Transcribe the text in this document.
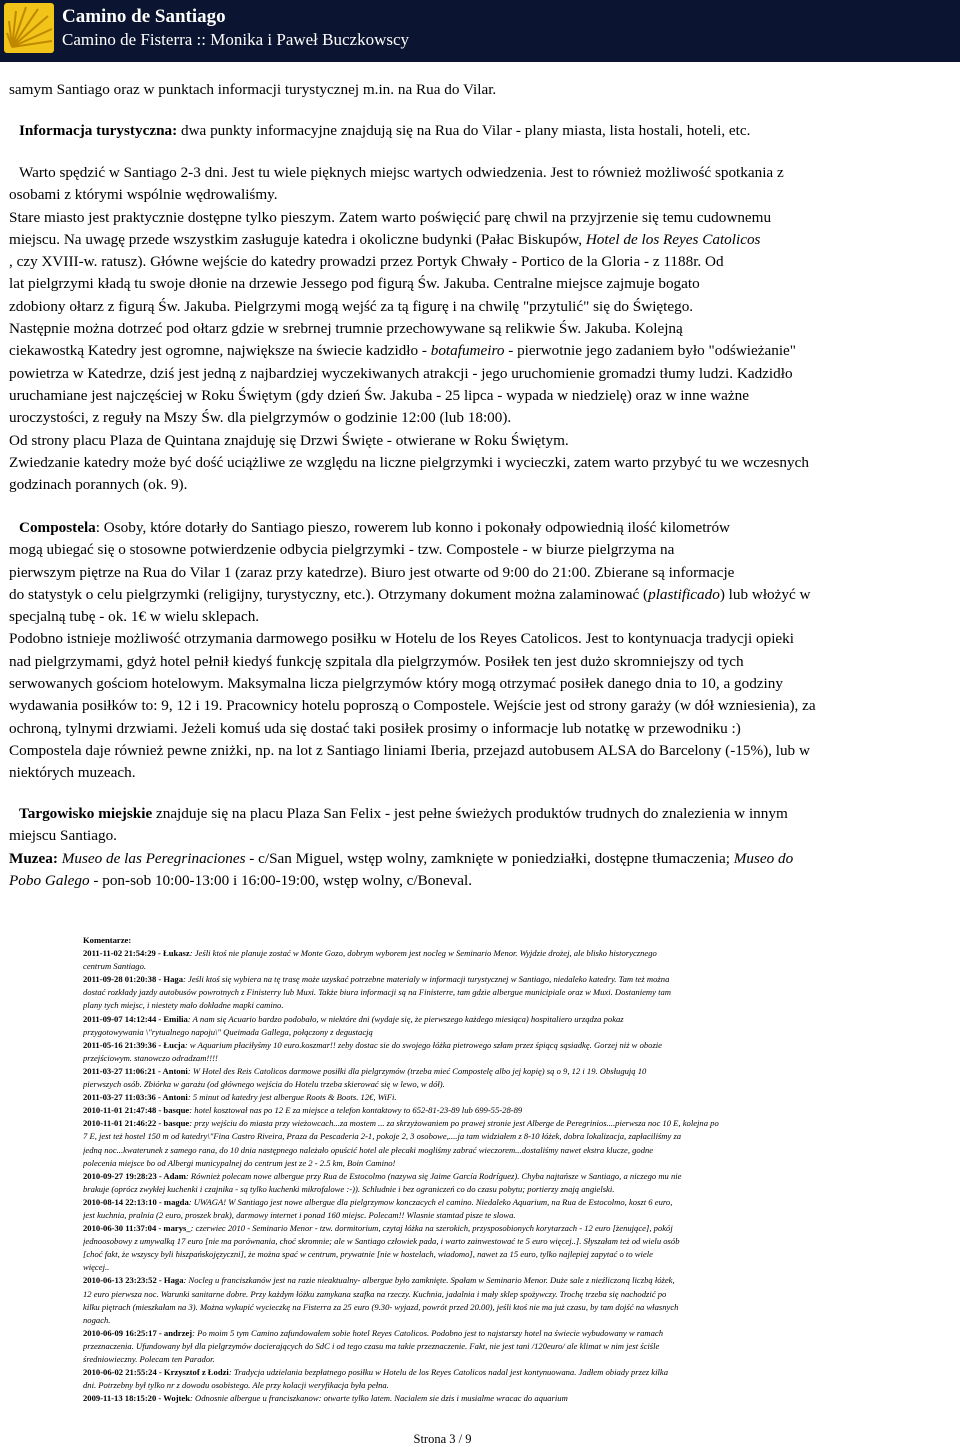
Camino de Santiago
Camino de Fisterra :: Monika i Paweł Buczkowscy
samym Santiago oraz w punktach informacji turystycznej m.in. na Rua do Vilar.
Informacja turystyczna: dwa punkty informacyjne znajdują się na Rua do Vilar - plany miasta, lista hostali, hoteli, etc.
Warto spędzić w Santiago 2-3 dni. Jest tu wiele pięknych miejsc wartych odwiedzenia. Jest to również możliwość spotkania z
osobami z którymi wspólnie wędrowaliśmy.
Stare miasto jest praktycznie dostępne tylko pieszym. Zatem warto poświęcić parę chwil na przyjrzenie się temu cudownemu
miejscu. Na uwagę przede wszystkim zasługuje katedra i okoliczne budynki (Pałac Biskupów, Hotel de los Reyes Catolicos
, czy XVIII-w. ratusz). Główne wejście do katedry prowadzi przez Portyk Chwały - Portico de la Gloria - z 1188r. Od
lat pielgrzymi kładą tu swoje dłonie na drzewie Jessego pod figurą Św. Jakuba. Centralne miejsce zajmuje bogato
zdobiony ołtarz z figurą Św. Jakuba. Pielgrzymi mogą wejść za tą figurę i na chwilę "przytulić" się do Świętego.
Następnie można dotrzeć pod ołtarz gdzie w srebrnej trumnie przechowywane są relikwie Św. Jakuba. Kolejną
ciekawostką Katedry jest ogromne, największe na świecie kadzidło - botafumeiro - pierwotnie jego zadaniem było "odświeżanie"
powietrza w Katedrze, dziś jest jedną z najbardziej wyczekiwanych atrakcji - jego uruchomienie gromadzi tłumy ludzi. Kadzidło
uruchamiane jest najczęściej w Roku Świętym (gdy dzień Św. Jakuba - 25 lipca - wypada w niedzielę) oraz w inne ważne
uroczystości, z reguły na Mszy Św. dla pielgrzymów o godzinie 12:00 (lub 18:00).
Od strony placu Plaza de Quintana znajduję się Drzwi Święte - otwierane w Roku Świętym.
Zwiedzanie katedry może być dość uciążliwe ze względu na liczne pielgrzymki i wycieczki, zatem warto przybyć tu we wczesnych
godzinach porannych (ok. 9).
Compostela: Osoby, które dotarły do Santiago pieszo, rowerem lub konno i pokonały odpowiednią ilość kilometrów
mogą ubiegać się o stosowne potwierdzenie odbycia pielgrzymki - tzw. Compostele - w biurze pielgrzyma na
pierwszym piętrze na Rua do Vilar 1 (zaraz przy katedrze). Biuro jest otwarte od 9:00 do 21:00. Zbierane są informacje
do statystyk o celu pielgrzymki (religijny, turystyczny, etc.). Otrzymany dokument można zalaminować (plastificado) lub włożyć w
specjalną tubę - ok. 1€ w wielu sklepach.
Podobno istnieje możliwość otrzymania darmowego posiłku w Hotelu de los Reyes Catolicos. Jest to kontynuacja tradycji opieki
nad pielgrzymami, gdyż hotel pełnił kiedyś funkcję szpitala dla pielgrzymów. Posiłek ten jest dużo skromniejszy od tych
serwowanych gościom hotelowym. Maksymalna licza pielgrzymów który mogą otrzymać posiłek danego dnia to 10, a godziny
wydawania posiłków to: 9, 12 i 19. Pracownicy hotelu poproszą o Compostele. Wejście jest od strony garaży (w dół wzniesienia), za
ochroną, tylnymi drzwiami. Jeżeli komuś uda się dostać taki posiłek prosimy o informacje lub notatkę w przewodniku :)
Compostela daje również pewne zniżki, np. na lot z Santiago liniami Iberia, przejazd autobusem ALSA do Barcelony (-15%), lub w
niektórych muzeach.
Targowisko miejskie znajduje się na placu Plaza San Felix - jest pełne świeżych produktów trudnych do znalezienia w innym
miejscu Santiago.
Muzea: Museo de las Peregrinaciones - c/San Miguel, wstęp wolny, zamknięte w poniedziałki, dostępne tłumaczenia; Museo do
Pobo Galego - pon-sob 10:00-13:00 i 16:00-19:00, wstęp wolny, c/Boneval.
Komentarze:
2011-11-02 21:54:29 - Łukasz: Jeśli ktoś nie planuje zostać w Monte Gozo, dobrym wyborem jest nocleg w Seminario Menor. Wyjdzie drożej, ale blisko historycznego
centrum Santiago.
2011-09-28 01:20:38 - Haga: Jeśli ktoś się wybiera na tę trasę może uzyskać potrzebne materialy w informacji turystycznej w Santiago, niedaleko katedry. Tam też można
dostać rozkłady jazdy autobusów powrotnych z Finisterry lub Muxi. Także biura informacji są na Finisterre, tam gdzie albergue municipiale oraz w Muxi. Dostaniemy tam
plany tych miejsc, i niestety mało dokładne mapki camino.
2011-09-07 14:12:44 - Emilia: A nam się Acuario bardzo podobało, w niektóre dni (wydaje się, że pierwszego każdego miesiąca) hospitaliero urządza pokaz
przygotowywania \"rytualnego napoju\" Queimada Gallega, połączony z degustacją
2011-05-16 21:39:36 - Łucja: w Aquarium płaciłyśmy 10 euro.koszmar!! zeby dostac sie do swojego łóżka pietrowego szłam przez śpiącą sąsiadkę. Gorzej niż w obozie
przejściowym. stanowczo odradzam!!!!
2011-03-27 11:06:21 - Antoni: W Hotel des Reis Catolicos darmowe posiłki dla pielgrzymów (trzeba mieć Compostelę albo jej kopię) są o 9, 12 i 19. Obsługują 10
pierwszych osób. Zbiórka w garażu (od głównego wejścia do Hotelu trzeba skierować się w lewo, w dół).
2011-03-27 11:03:36 - Antoni: 5 minut od katedry jest albergue Roots & Boots. 12€, WiFi.
2010-11-01 21:47:48 - basque: hotel kosztował nas po 12 E za miejsce a telefon kontaktowy to 652-81-23-89 lub 699-55-28-89
2010-11-01 21:46:22 - basque: przy wejściu do miasta przy wieżowcach...za mostem ... za skrzyżowaniem po prawej stronie jest Alberge de Peregrinios....pierwsza noc 10 E, kolejna po
7 E, jest też hostel 150 m od katedry\"Fina Castro Riveira, Praza da Pescaderia 2-1, pokoje 2, 3 osobowe,....ja tam widziałem z 8-10 łóżek, dobra lokalizacja, zapłaciliśmy za
jedną noc...kwaterunek z samego rana, do 10 dnia następnego należało opuścić hotel ale płecaki mogliśmy zabrać wieczorem...dostaliśmy nawet ekstra klucze, godne
polecenia miejsce bo od Albergi municypalnej do centrum jest ze 2 - 2.5 km, Boin Camino!
2010-09-27 19:28:23 - Adam: Również polecam nowe albergue przy Rua de Estocolmo (nazywa się Jaime García Rodríguez). Chyba najtańsze w Santiago, a niczego mu nie
brakuje (oprócz zwykłej kuchenki i czajnika - są tylko kuchenki mikrofalowe :-)). Schludnie i bez ograniczeń co do czasu pobytu; portierzy znają angielski.
2010-08-14 22:13:10 - magda: UWAGA! W Santiago jest nowe albergue dla pielgrzymow konczacych el camino. Niedaleko Aquarium, na Rua de Estocolmo, koszt 6 euro,
jest kuchnia, pralnia (2 euro, proszek brak), darmowy internet i ponad 160 miejsc. Polecam!! Wlasnie stamtad pisze te slowa.
2010-06-30 11:37:04 - marys_: czerwiec 2010 - Seminario Menor - tzw. dormitorium, czytaj łóżka na szerokich, przysposobionych korytarzach - 12 euro [żenujące], pokój
jednoosobowy z umywalką 17 euro [nie ma porównania, choć skromnie; ale w Santiago człowiek pada, i warto zainwestować te 5 euro więcej..]. Słyszałam też od wielu osób
[choć fakt, że wszyscy byli hiszpańskojęzyczni], że można spać w centrum, prywatnie [nie w hostelach, wiadomo], nawet za 15 euro, tylko najlepiej zapytać o to wiele
więcej..
2010-06-13 23:23:52 - Haga: Nocleg u franciszkanów jest na razie nieaktualny- albergue było zamknięte. Spałam w Seminario Menor. Duże sale z nieźliczoną liczbą łóżek,
12 euro pierwsza noc. Warunki sanitarne dobre. Przy każdym łóżku zamykana szafka na rzeczy. Kuchnia, jadalnia i mały sklep spożywczy. Trochę trzeba się nachodzić po
kilku piętrach (mieszkałam na 3). Można wykupić wycieczkę na Fisterra za 25 euro (9.30- wyjazd, powrót przed 20.00), jeśli ktoś nie ma już czasu, by tam dojść na własnych
nogach.
2010-06-09 16:25:17 - andrzej: Po moim 5 tym Camino zafundowałem sobie hotel Reyes Catolicos. Podobno jest to najstarszy hotel na świecie wybudowany w ramach
przeznaczenia. Ufundowany był dla pielgrzymów docierających do SdC i od tego czasu ma takie przeznaczenie. Fakt, nie jest tani /120euro/ ale klimat w nim jest ściśle
średniowieczny. Polecam ten Parador.
2010-06-02 21:55:24 - Krzysztof z Łodzi: Tradycja udzielania bezpłatnego posiłku w Hotelu de los Reyes Catolicos nadal jest kontynuowana. Jadłem obiady przez kilka
dni. Potrzebny był tylko nr z dowodu osobistego. Ale przy kolacji weryfikacja była pełna.
2009-11-13 18:15:20 - Wojtek: Odnosnie albergue u franciszkanow: otwarte tylko latem. Nacialem sie dzis i musialme wracac do aquarium
Strona 3 / 9
